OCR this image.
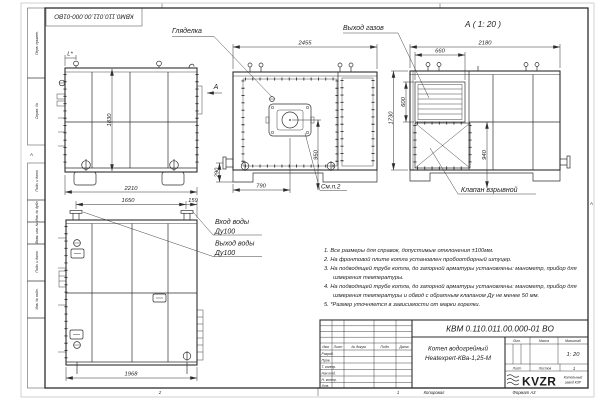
Перв. примен.
Справ. №
Подп. и дата
Инв. № дубл.
Взам. инв. №
Подп. и дата
Инв. № подл.
А
А
КВМ0.110.011.00.000-01ВО
1830
2210
L*
А
2455
950
790
290
Гляделка
См.п.2
А ( 1: 20 )
2180
660
600
1730
940
Выход газов
Клапан взрывной
1650	159
1968
Вход воды
Ду100
Выход воды
Ду100
КВМ 0.110.011.00.000-01 ВО
Котел водогрейный
Heatexpert-КВа-1,25-М
Изм. Лист	№ докум.	Подп.	Дата
Разраб.
Пров.
Т. контр.
Нач.отд.
Н. контр.
Утв.
Лит.	Масса	Масштаб
1: 20
Лист	Листов	1
KVZR Котельный
завод КЗР
2	1	Копировал	Формат А3

1. Все размеры для справок, допустимые отклонения ±100мм.

2. На фронтовой плите котла установлен пробоотборный штуцер.

3. На подводящей трубе котла, до запорной арматуры установлены: манометр, прибор для измерения температуры.

4. На подводящей трубе котла, до запорной арматуры установлены: манометр, прибор для измерения температуры и обвод с обратным клапаном Ду не менее 50 мм.

5. *Размер уточняется в зависимости от марки горелки.
